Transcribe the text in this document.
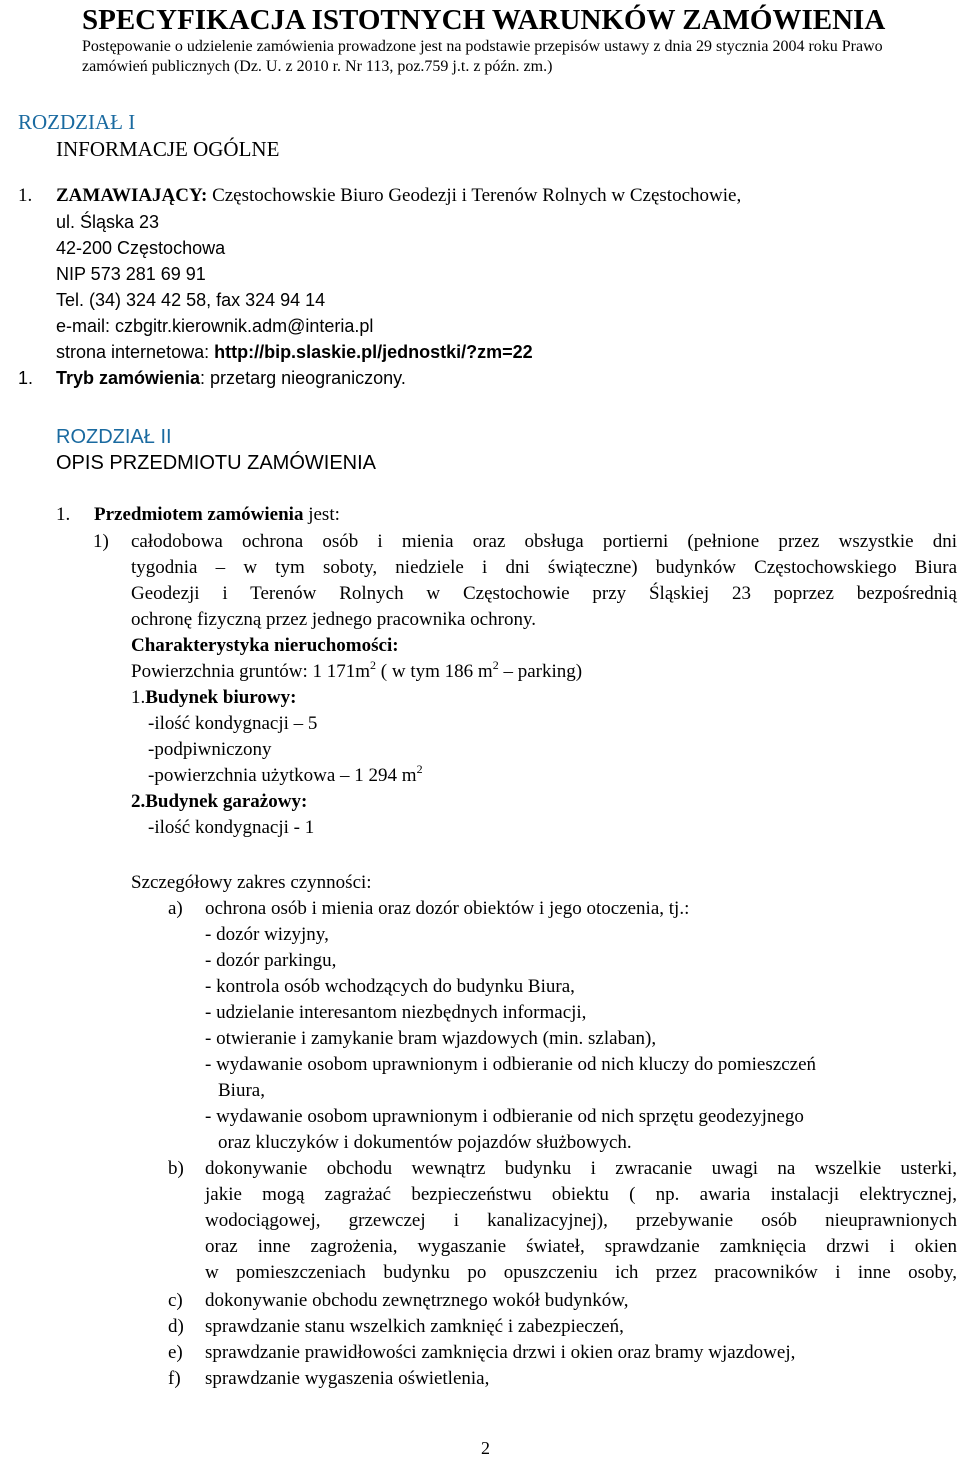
SPECYFIKACJA ISTOTNYCH WARUNKÓW ZAMÓWIENIA
Postępowanie o udzielenie zamówienia prowadzone jest na podstawie przepisów ustawy z dnia 29 stycznia 2004 roku Prawo
zamówień publicznych (Dz. U. z 2010 r. Nr 113, poz.759 j.t. z późn. zm.)
ROZDZIAŁ I
INFORMACJE OGÓLNE
1. ZAMAWIAJĄCY: Częstochowskie Biuro Geodezji i Terenów Rolnych w Częstochowie,
ul. Śląska 23
42-200 Częstochowa
NIP 573 281 69 91
Tel. (34) 324 42 58, fax 324 94 14
e-mail: czbgitr.kierownik.adm@interia.pl
strona internetowa: http://bip.slaskie.pl/jednostki/?zm=22
1. Tryb zamówienia: przetarg nieograniczony.
ROZDZIAŁ II
OPIS PRZEDMIOTU ZAMÓWIENIA
1. Przedmiotem zamówienia jest:
1) całodobowa ochrona osób i mienia oraz obsługa portierni (pełnione przez wszystkie dni
tygodnia – w tym soboty, niedziele i dni świąteczne) budynków Częstochowskiego Biura
Geodezji i Terenów Rolnych w Częstochowie przy Śląskiej 23 poprzez bezpośrednią
ochronę fizyczną przez jednego pracownika ochrony.
Charakterystyka nieruchomości:
Powierzchnia gruntów: 1 $171m^2$ ( w tym 186 $m^2$ – parking)
1.Budynek biurowy:
-ilość kondygnacji – 5
-podpiwniczony
-powierzchnia użytkowa – 1 294 $m^2$
2.Budynek garażowy:
-ilość kondygnacji - 1
Szczegółowy zakres czynności:
a) ochrona osób i mienia oraz dozór obiektów i jego otoczenia, tj.:
- dozór wizyjny,
- dozór parkingu,
- kontrola osób wchodzących do budynku Biura,
- udzielanie interesantom niezbędnych informacji,
- otwieranie i zamykanie bram wjazdowych (min. szlaban),
- wydawanie osobom uprawnionym i odbieranie od nich kluczy do pomieszczeń
Biura,
- wydawanie osobom uprawnionym i odbieranie od nich sprzętu geodezyjnego
oraz kluczyków i dokumentów pojazdów służbowych.
b) dokonywanie obchodu wewnątrz budynku i zwracanie uwagi na wszelkie usterki,
jakie mogą zagrażać bezpieczeństwu obiektu ( np. awaria instalacji elektrycznej,
wodociągowej, grzewczej i kanalizacyjnej), przebywanie osób nieuprawnionych
oraz inne zagrożenia, wygaszanie świateł, sprawdzanie zamknięcia drzwi i okien
w pomieszczeniach budynku po opuszczeniu ich przez pracowników i inne osoby,
c) dokonywanie obchodu zewnętrznego wokół budynków,
d) sprawdzanie stanu wszelkich zamknięć i zabezpieczeń,
e) sprawdzanie prawidłowości zamknięcia drzwi i okien oraz bramy wjazdowej,
f) sprawdzanie wygaszenia oświetlenia,
2
